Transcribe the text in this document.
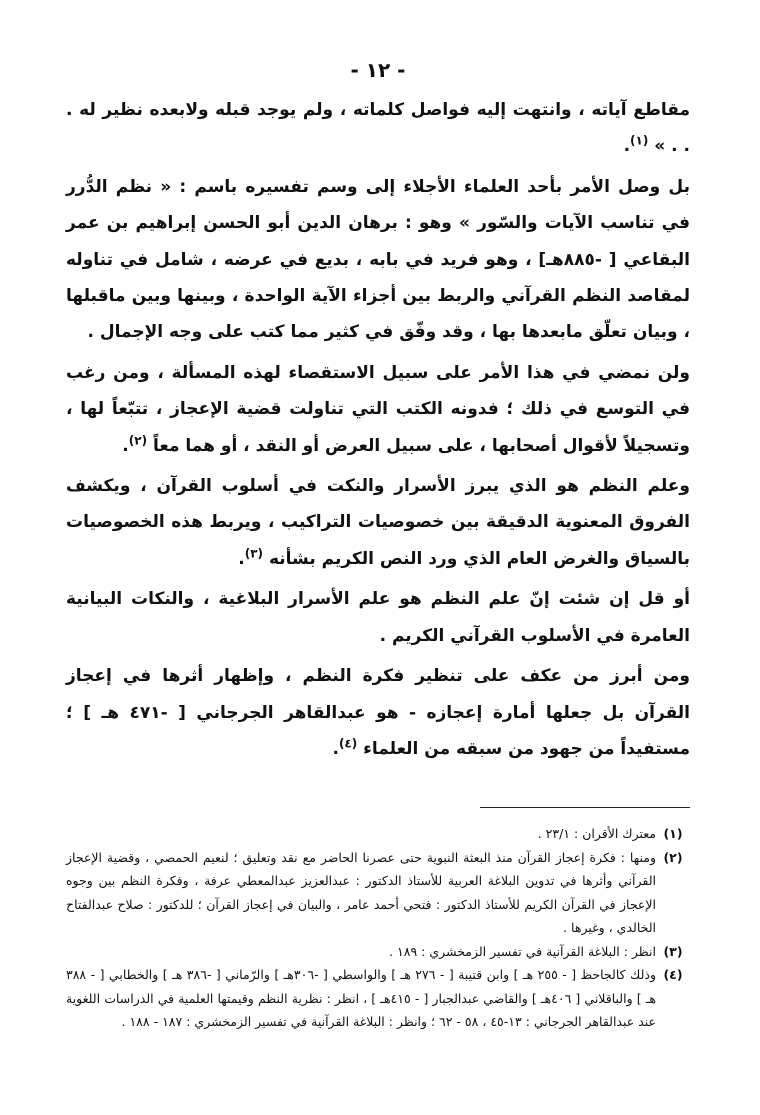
- ١٢ -

مقاطع آياته ، وانتهت إليه فواصل كلماته ، ولم يوجد قبله ولابعده نظير له . . . » $^{(١)}$.

بل وصل الأمر بأحد العلماء الأجلاء إلى وسم تفسيره باسم : « نظم الدُّرر في تناسب الآيات والسّور » وهو : برهان الدين أبو الحسن إبراهيم بن عمر البقاعي [ -٨٨٥هـ] ، وهو فريد في بابه ، بديع في عرضه ، شامل في تناوله لمقاصد النظم القرآني والربط بين أجزاء الآية الواحدة ، وبينها وبين ماقبلها ، وبيان تعلّق مابعدها بها ، وقد وفّق في كثير مما كتب على وجه الإجمال .

ولن نمضي في هذا الأمر على سبيل الاستقصاء لهذه المسألة ، ومن رغب في التوسع في ذلك ؛ فدونه الكتب التي تناولت قضية الإعجاز ، تتبّعاً لها ، وتسجيلاً لأقوال أصحابها ، على سبيل العرض أو النقد ، أو هما معاً $^{(٢)}$.

وعلم النظم هو الذي يبرز الأسرار والنكت في أسلوب القرآن ، ويكشف الفروق المعنوية الدقيقة بين خصوصيات التراكيب ، ويربط هذه الخصوصيات بالسياق والغرض العام الذي ورد النص الكريم بشأنه $^{(٣)}$.

أو قل إن شئت إنّ علم النظم هو علم الأسرار البلاغية ، والنكات البيانية العامرة في الأسلوب القرآني الكريم .

ومن أبرز من عكف على تنظير فكرة النظم ، وإظهار أثرها في إعجاز القرآن بل جعلها أمارة إعجازه - هو عبدالقاهر الجرجاني [ -٤٧١ هـ ] ؛ مستفيداً من جهود من سبقه من العلماء $^{(٤)}$.

(١)
معترك الأقران : ٢٣/١ .
(٢)
ومنها : فكرة إعجاز القرآن منذ البعثة النبوية حتى عصرنا الحاضر مع نقد وتعليق ؛ لنعيم الحمصي ، وقضية الإعجاز القرآني وأثرها في تدوين البلاغة العربية للأستاذ الدكتور : عبدالعزيز عبدالمعطي عرفة ، وفكرة النظم بين وجوه الإعجاز في القرآن الكريم للأستاذ الدكتور : فتحي أحمد عامر ، والبيان في إعجاز القرآن ؛ للدكتور : صلاح عبدالفتاح الخالدي ، وغيرها .
(٣)
انظر : البلاغة القرآنية في تفسير الزمخشري : ١٨٩ .
(٤)
وذلك كالجاحظ [ - ٢٥٥ هـ ] وابن قتيبة [ - ٢٧٦ هـ ] والواسطي [ -٣٠٦هـ ] والرّماني [ -٣٨٦ هـ ] والخطابي [ - ٣٨٨ هـ ] والباقلاني [ ٤٠٦هـ ] والقاضي عبدالجبار [ - ٤١٥هـ ] ، انظر : نظرية النظم وقيمتها العلمية في الدراسات اللغوية عند عبدالقاهر الجرجاني : ١٣-٤٥ ، ٥٨ - ٦٢ ؛ وانظر : البلاغة القرآنية في تفسير الزمخشري : ١٨٧ - ١٨٨ .
